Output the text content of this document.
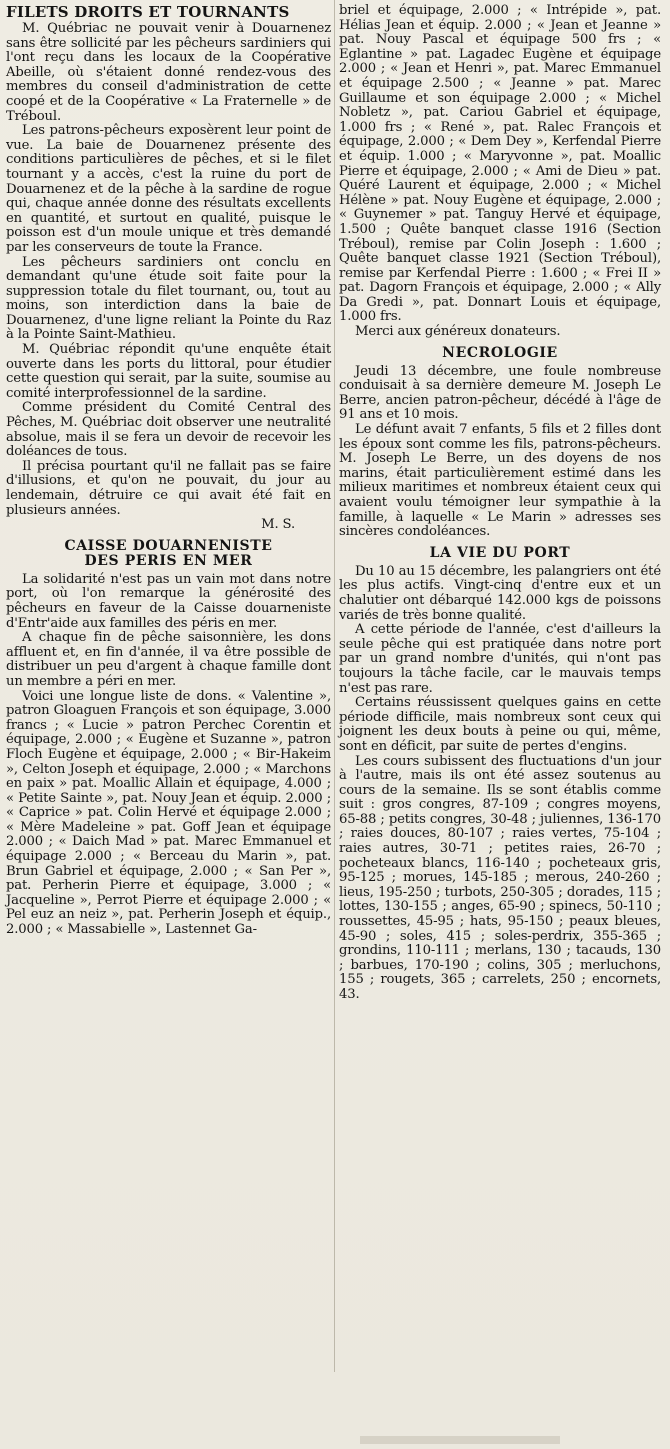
FILETS DROITS ET TOURNANTS

M. Québriac ne pouvait venir à Douarnenez sans être sollicité par les pêcheurs sardiniers qui l'ont reçu dans les locaux de la Coopérative Abeille, où s'étaient donné rendez-vous des membres du conseil d'administration de cette coopé et de la Coopérative « La Fraternelle » de Tréboul.

Les patrons-pêcheurs exposèrent leur point de vue. La baie de Douarnenez présente des conditions particulières de pêches, et si le filet tournant y a accès, c'est la ruine du port de Douarnenez et de la pêche à la sardine de rogue qui, chaque année donne des résultats excellents en quantité, et surtout en qualité, puisque le poisson est d'un moule unique et très demandé par les conserveurs de toute la France.

Les pêcheurs sardiniers ont conclu en demandant qu'une étude soit faite pour la suppression totale du filet tournant, ou, tout au moins, son interdiction dans la baie de Douarnenez, d'une ligne reliant la Pointe du Raz à la Pointe Saint-Mathieu.

M. Québriac répondit qu'une enquête était ouverte dans les ports du littoral, pour étudier cette question qui serait, par la suite, soumise au comité interprofessionnel de la sardine.

Comme président du Comité Central des Pêches, M. Québriac doit observer une neutralité absolue, mais il se fera un devoir de recevoir les doléances de tous.

Il précisa pourtant qu'il ne fallait pas se faire d'illusions, et qu'on ne pouvait, du jour au lendemain, détruire ce qui avait été fait en plusieurs années.

M. S.
CAISSE DOUARNENISTE
DES PERIS EN MER

La solidarité n'est pas un vain mot dans notre port, où l'on remarque la générosité des pêcheurs en faveur de la Caisse douarneniste d'Entr'aide aux familles des péris en mer.

A chaque fin de pêche saisonnière, les dons affluent et, en fin d'année, il va être possible de distribuer un peu d'argent à chaque famille dont un membre a péri en mer.

Voici une longue liste de dons. « Valentine », patron Gloaguen François et son équipage, 3.000 francs ; « Lucie » patron Perchec Corentin et équipage, 2.000 ; « Eugène et Suzanne », patron Floch Eugène et équipage, 2.000 ; « Bir-Hakeim », Celton Joseph et équipage, 2.000 ; « Marchons en paix » pat. Moallic Allain et équipage, 4.000 ; « Petite Sainte », pat. Nouy Jean et équip. 2.000 ; « Caprice » pat. Colin Hervé et équipage 2.000 ; « Mère Madeleine » pat. Goff Jean et équipage 2.000 ; « Daich Mad » pat. Marec Emmanuel et équipage 2.000 ; « Berceau du Marin », pat. Brun Gabriel et équipage, 2.000 ; « San Per », pat. Perherin Pierre et équipage, 3.000 ; « Jacqueline », Perrot Pierre et équipage 2.000 ; « Pel euz an neiz », pat. Perherin Joseph et équip., 2.000 ; « Massabielle », Lastennet Ga-

briel et équipage, 2.000 ; « Intrépide », pat. Hélias Jean et équip. 2.000 ; « Jean et Jeanne » pat. Nouy Pascal et équipage 500 frs ; « Eglantine » pat. Lagadec Eugène et équipage 2.000 ; « Jean et Henri », pat. Marec Emmanuel et équipage 2.500 ; « Jeanne » pat. Marec Guillaume et son équipage 2.000 ; « Michel Nobletz », pat. Cariou Gabriel et équipage, 1.000 frs ; « René », pat. Ralec François et équipage, 2.000 ; « Dem Dey », Kerfendal Pierre et équip. 1.000 ; « Maryvonne », pat. Moallic Pierre et équipage, 2.000 ; « Ami de Dieu » pat. Quéré Laurent et équipage, 2.000 ; « Michel Hélène » pat. Nouy Eugène et équipage, 2.000 ; « Guynemer » pat. Tanguy Hervé et équipage, 1.500 ; Quête banquet classe 1916 (Section Tréboul), remise par Colin Joseph : 1.600 ; Quête banquet classe 1921 (Section Tréboul), remise par Kerfendal Pierre : 1.600 ; « Frei II » pat. Dagorn François et équipage, 2.000 ; « Ally Da Gredi », pat. Donnart Louis et équipage, 1.000 frs.

Merci aux généreux donateurs.

NECROLOGIE

Jeudi 13 décembre, une foule nombreuse conduisait à sa dernière demeure M. Joseph Le Berre, ancien patron-pêcheur, décédé à l'âge de 91 ans et 10 mois.

Le défunt avait 7 enfants, 5 fils et 2 filles dont les époux sont comme les fils, patrons-pêcheurs. M. Joseph Le Berre, un des doyens de nos marins, était particulièrement estimé dans les milieux maritimes et nombreux étaient ceux qui avaient voulu témoigner leur sympathie à la famille, à laquelle « Le Marin » adresses ses sincères condoléances.

LA VIE DU PORT

Du 10 au 15 décembre, les palangriers ont été les plus actifs. Vingt-cinq d'entre eux et un chalutier ont débarqué 142.000 kgs de poissons variés de très bonne qualité.

A cette période de l'année, c'est d'ailleurs la seule pêche qui est pratiquée dans notre port par un grand nombre d'unités, qui n'ont pas toujours la tâche facile, car le mauvais temps n'est pas rare.

Certains réussissent quelques gains en cette période difficile, mais nombreux sont ceux qui joignent les deux bouts à peine ou qui, même, sont en déficit, par suite de pertes d'engins.

Les cours subissent des fluctuations d'un jour à l'autre, mais ils ont été assez soutenus au cours de la semaine. Ils se sont établis comme suit : gros congres, 87-109 ; congres moyens, 65-88 ; petits congres, 30-48 ; juliennes, 136-170 ; raies douces, 80-107 ; raies vertes, 75-104 ; raies autres, 30-71 ; petites raies, 26-70 ; pocheteaux blancs, 116-140 ; pocheteaux gris, 95-125 ; morues, 145-185 ; merous, 240-260 ; lieus, 195-250 ; turbots, 250-305 ; dorades, 115 ; lottes, 130-155 ; anges, 65-90 ; spinecs, 50-110 ; roussettes, 45-95 ; hats, 95-150 ; peaux bleues, 45-90 ; soles, 415 ; soles-perdrix, 355-365 ; grondins, 110-111 ; merlans, 130 ; tacauds, 130 ; barbues, 170-190 ; colins, 305 ; merluchons, 155 ; rougets, 365 ; carrelets, 250 ; encornets, 43.
